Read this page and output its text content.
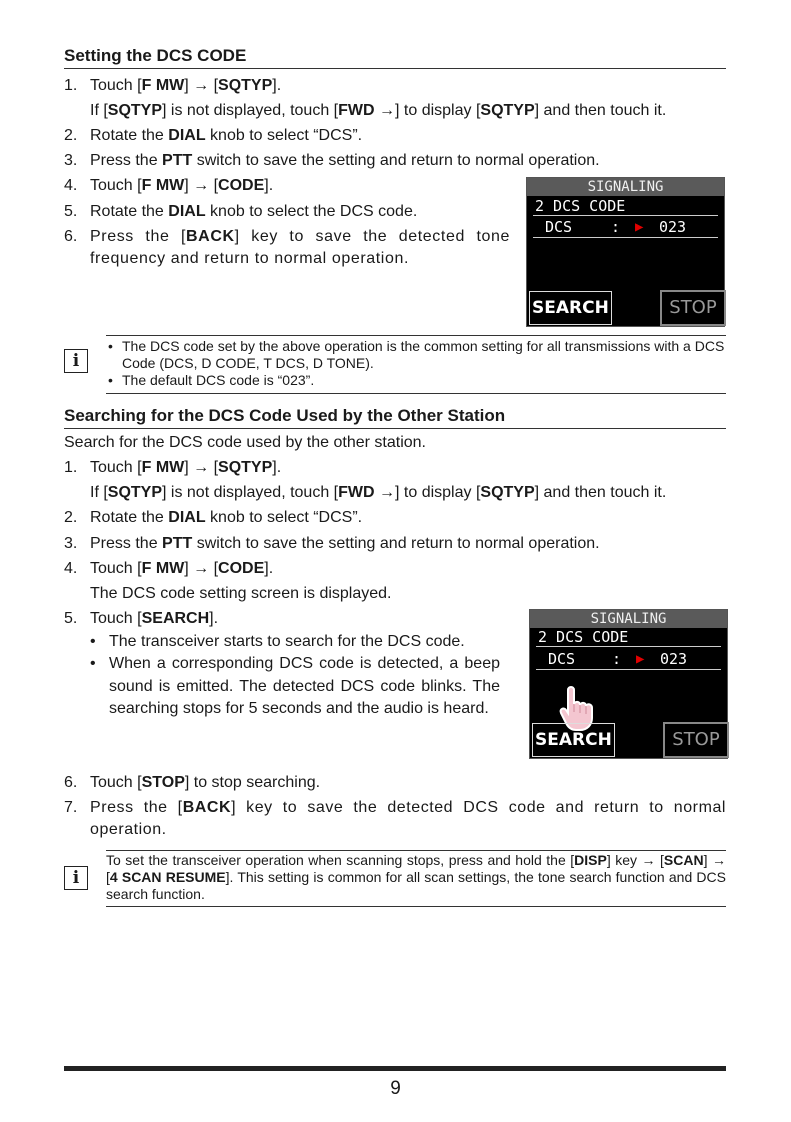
Setting the DCS CODE
1. Touch [F MW] → [SQTYP].
If [SQTYP] is not displayed, touch [FWD →] to display [SQTYP] and then touch it.
2. Rotate the DIAL knob to select “DCS”.
3. Press the PTT switch to save the setting and return to normal operation.
4. Touch [F MW] → [CODE].
5. Rotate the DIAL knob to select the DCS code.
6. Press the [BACK] key to save the detected tone frequency and return to normal operation.
SIGNALING
2 DCS CODE
DCS	: ▶ 023
SEARCH	STOP
i
• The DCS code set by the above operation is the common setting for all transmissions with a DCS Code (DCS, D CODE, T DCS, D TONE).
• The default DCS code is “023”.
Searching for the DCS Code Used by the Other Station
Search for the DCS code used by the other station.
1. Touch [F MW] → [SQTYP].
If [SQTYP] is not displayed, touch [FWD →] to display [SQTYP] and then touch it.
2. Rotate the DIAL knob to select “DCS”.
3. Press the PTT switch to save the setting and return to normal operation.
4. Touch [F MW] → [CODE].
The DCS code setting screen is displayed.
5. Touch [SEARCH].
• The transceiver starts to search for the DCS code.
• When a corresponding DCS code is detected, a beep sound is emitted. The detected DCS code blinks. The searching stops for 5 seconds and the audio is heard.
SIGNALING
2 DCS CODE
DCS : ▶ 023
SEARCH	STOP
6. Touch [STOP] to stop searching.
7. Press the [BACK] key to save the detected DCS code and return to normal operation.
i
To set the transceiver operation when scanning stops, press and hold the [DISP] key → [SCAN] → [4 SCAN RESUME]. This setting is common for all scan settings, the tone search function and DCS search function.
9
